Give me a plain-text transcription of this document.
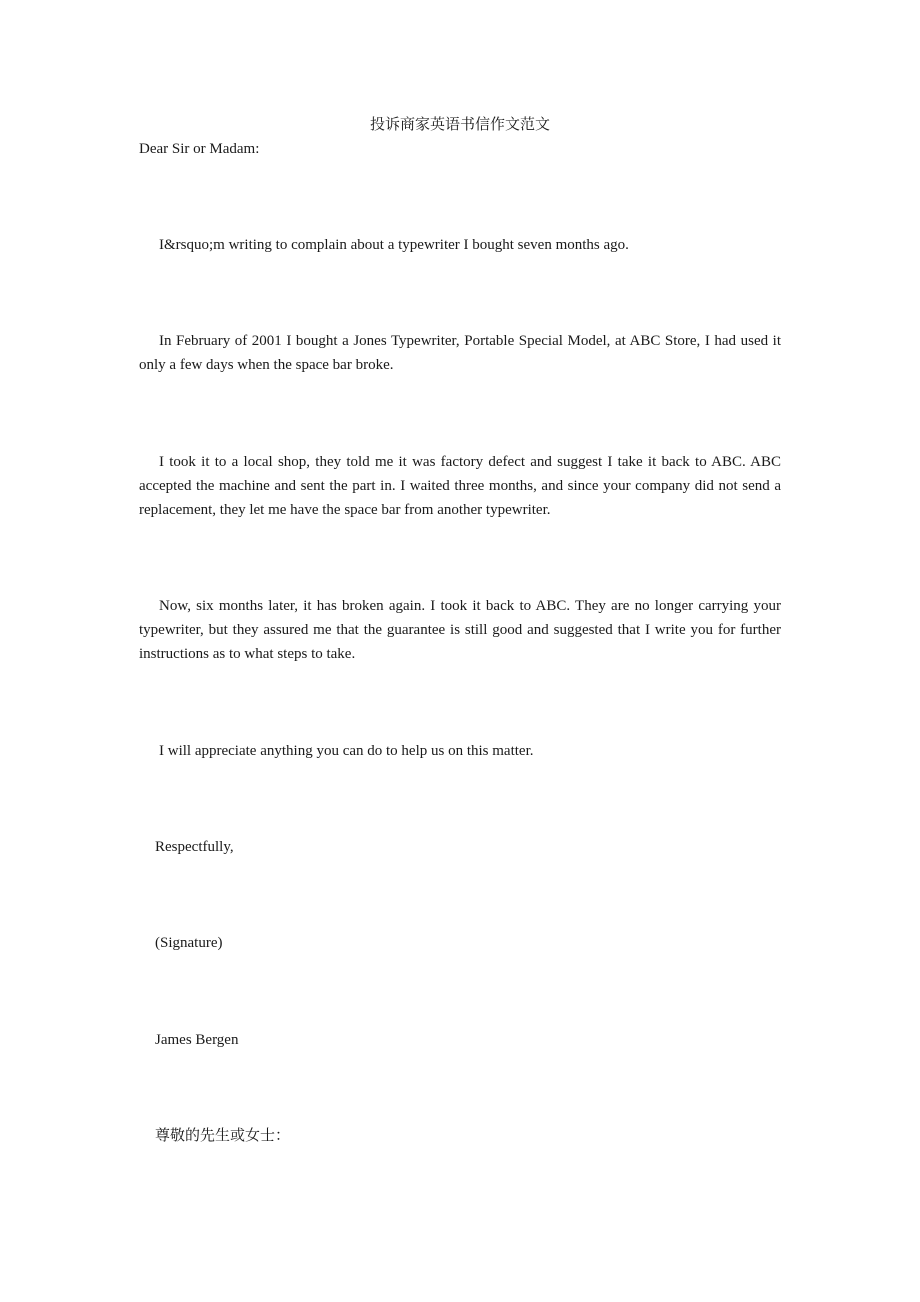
投诉商家英语书信作文范文

Dear Sir or Madam:

I&rsquo;m writing to complain about a typewriter I bought seven months ago.

In February of 2001 I bought a Jones Typewriter, Portable Special Model, at ABC Store, I had used it only a few days when the space bar broke.

I took it to a local shop, they told me it was factory defect and suggest I take it back to ABC. ABC accepted the machine and sent the part in. I waited three months, and since your company did not send a replacement, they let me have the space bar from another typewriter.

Now, six months later, it has broken again. I took it back to ABC. They are no longer carrying your typewriter, but they assured me that the guarantee is still good and suggested that I write you for further instructions as to what steps to take.

I will appreciate anything you can do to help us on this matter.

Respectfully,

(Signature)

James Bergen

尊敬的先生或女士：
